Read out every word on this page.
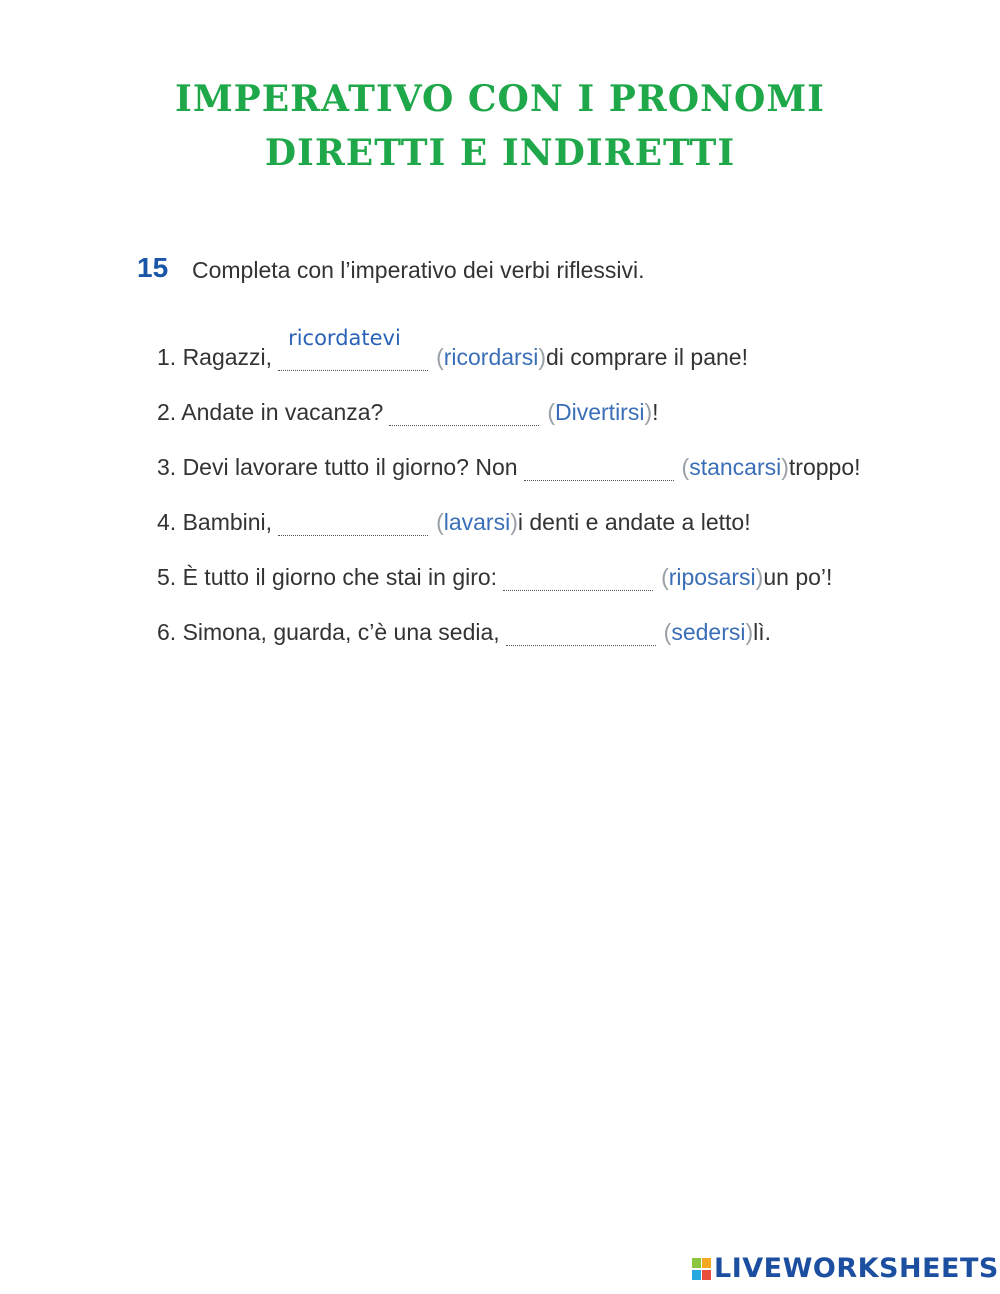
IMPERATIVO CON I PRONOMI
DIRETTI E INDIRETTI
15 Completa con l’imperativo dei verbi riflessivi.
1. Ragazzi,
ricordatevi
( ricordarsi ) di comprare il pane!
2. Andate in vacanza?	( Divertirsi ) !
3. Devi lavorare tutto il giorno? Non	( stancarsi ) troppo!
4. Bambini,	( lavarsi ) i denti e andate a letto!
5. È tutto il giorno che stai in giro:	( riposarsi ) un po’!
6. Simona, guarda, c’è una sedia,	( sedersi ) lì.
LIVEWORKSHEETS
